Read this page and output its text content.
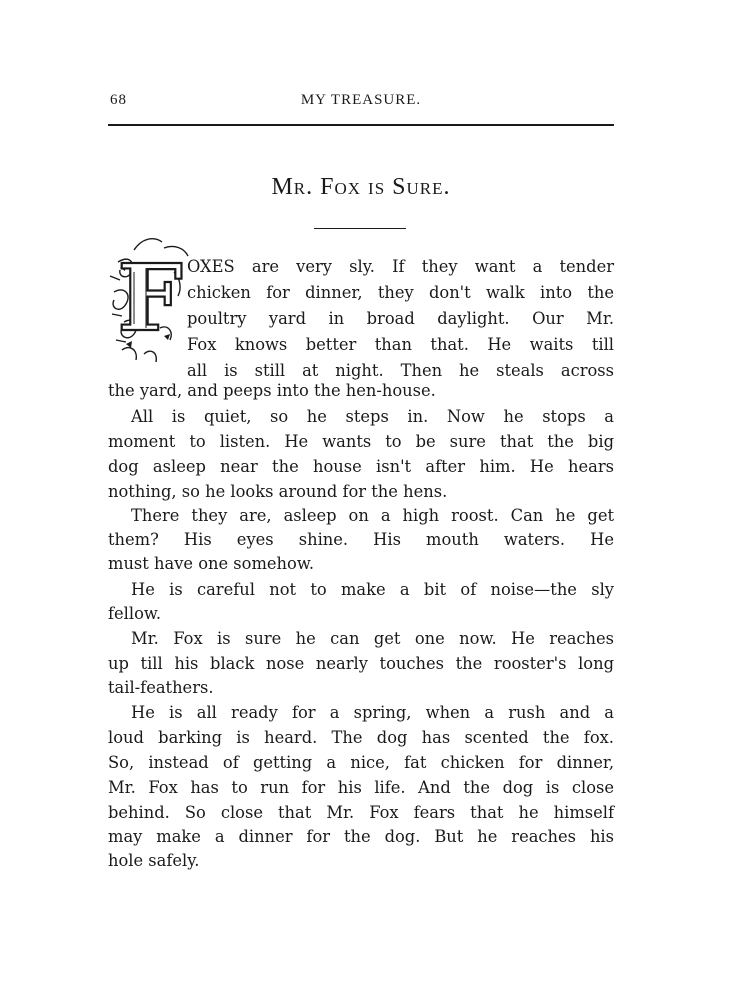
68	MY TREASURE.
Mr. Fox is Sure.
F OXES are very sly. If they want a tender
chicken for dinner, they don't walk into the
poultry yard in broad daylight. Our Mr.
Fox knows better than that. He waits till
all is still at night. Then he steals across
the yard, and peeps into the hen-house.
All is quiet, so he steps in. Now he stops a
moment to listen. He wants to be sure that the big
dog asleep near the house isn't after him. He hears
nothing, so he looks around for the hens.
There they are, asleep on a high roost. Can he get
them? His eyes shine. His mouth waters. He
must have one somehow.
He is careful not to make a bit of noise—the sly
fellow.
Mr. Fox is sure he can get one now. He reaches
up till his black nose nearly touches the rooster's long
tail-feathers.
He is all ready for a spring, when a rush and a
loud barking is heard. The dog has scented the fox.
So, instead of getting a nice, fat chicken for dinner,
Mr. Fox has to run for his life. And the dog is close
behind. So close that Mr. Fox fears that he himself
may make a dinner for the dog. But he reaches his
hole safely.
